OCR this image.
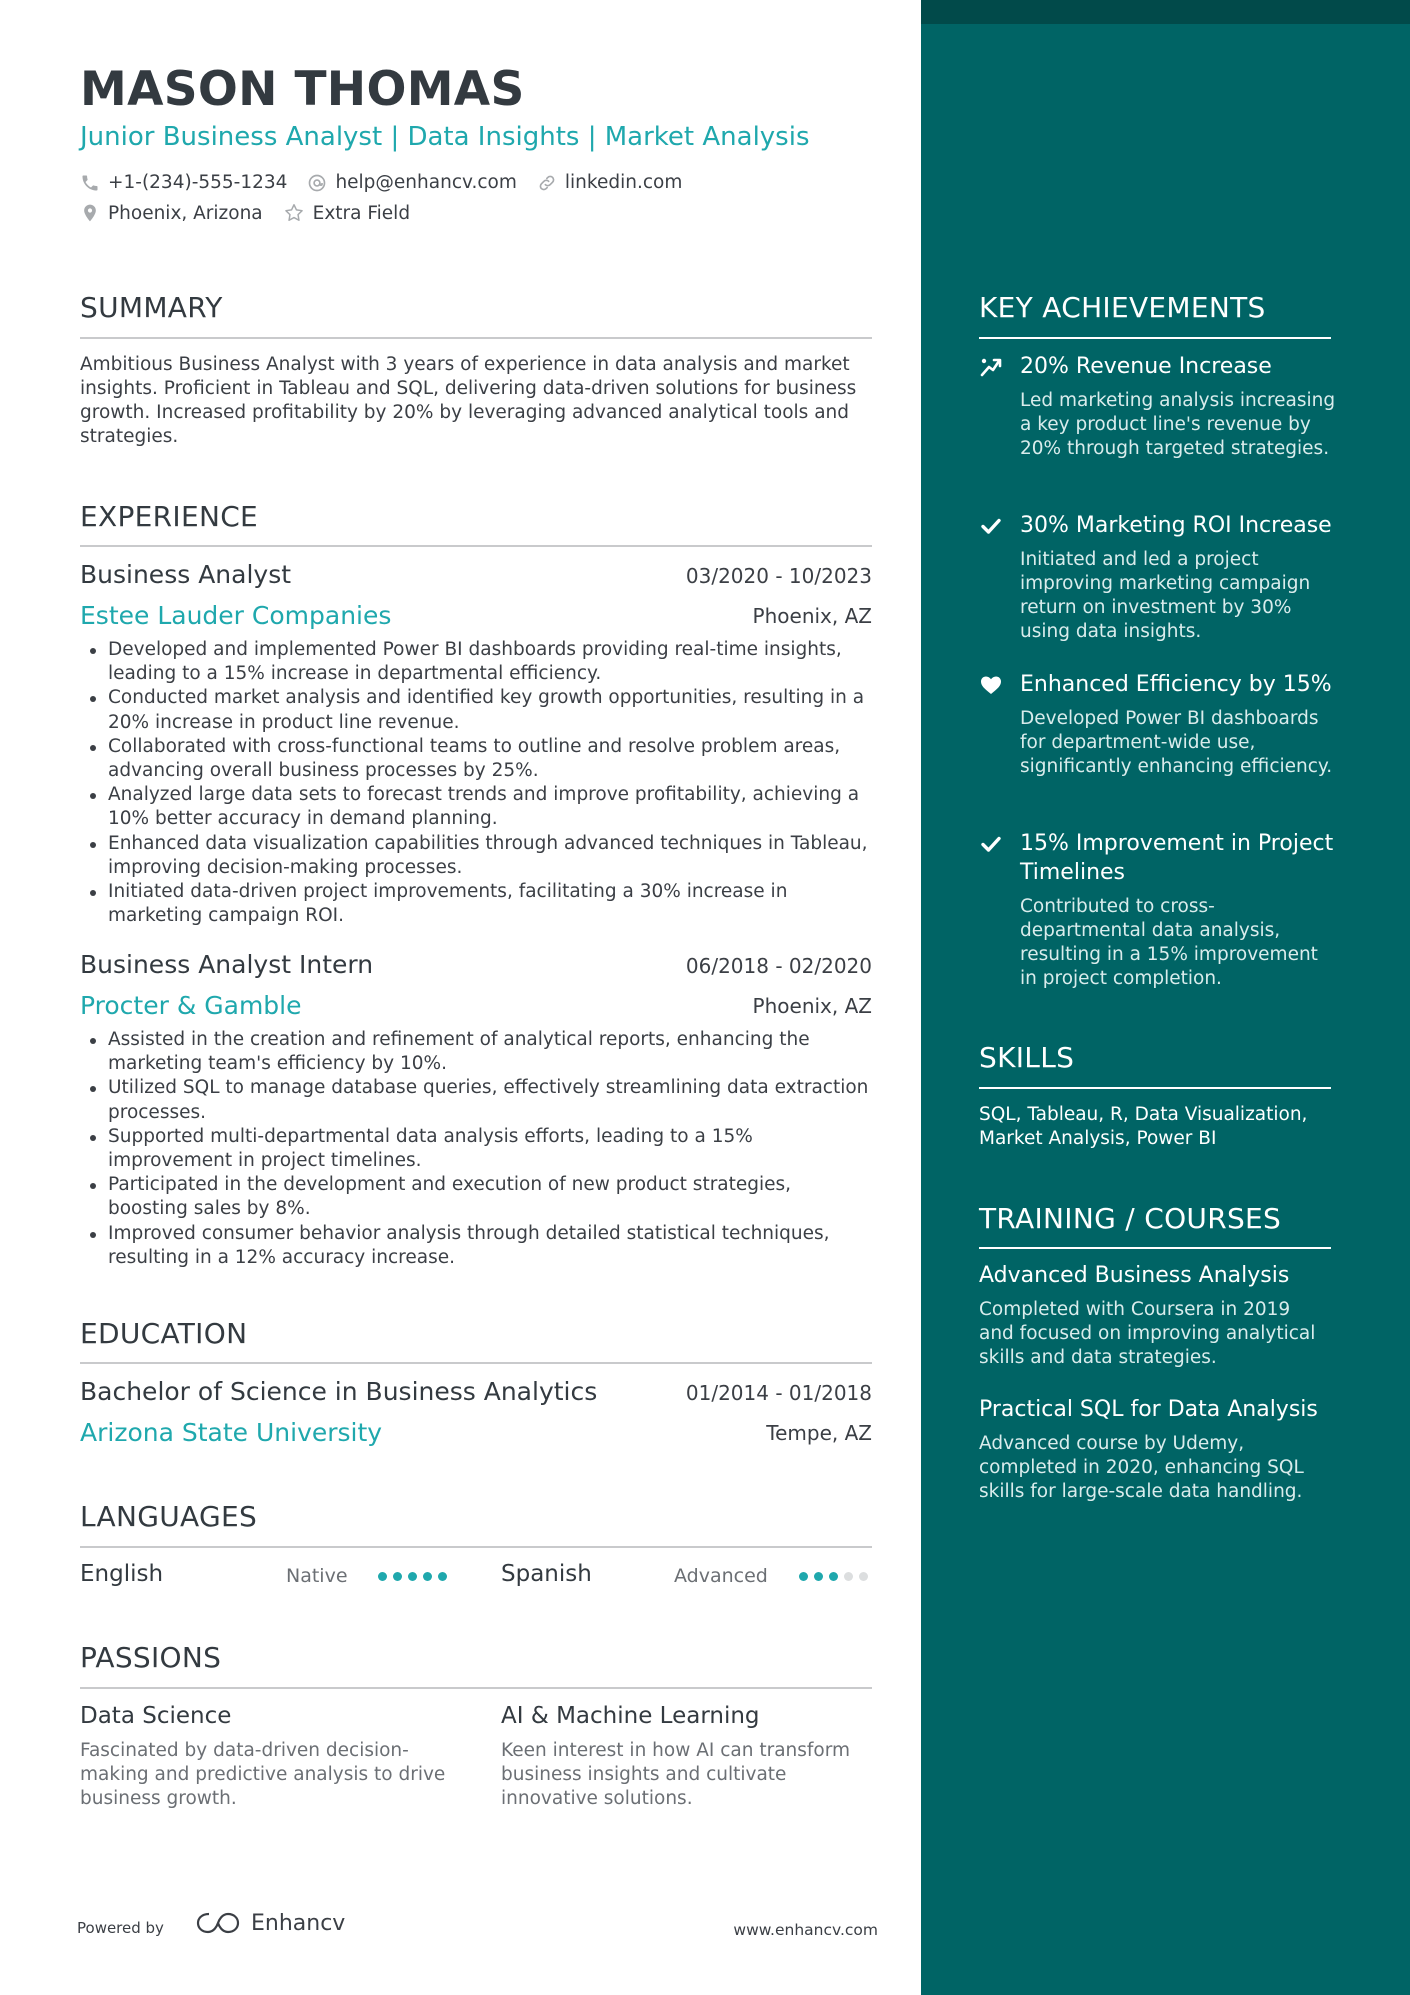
MASON THOMAS
Junior Business Analyst | Data Insights | Market Analysis
+1-(234)-555-1234	help@enhancv.com	linkedin.com
Phoenix, Arizona	Extra Field
SUMMARY
Ambitious Business Analyst with 3 years of experience in data analysis and market insights. Proficient in Tableau and SQL, delivering data-driven solutions for business growth. Increased profitability by 20% by leveraging advanced analytical tools and strategies.
EXPERIENCE
Business Analyst	03/2020 - 10/2023
Estee Lauder Companies	Phoenix, AZ
Developed and implemented Power BI dashboards providing real-time insights, leading to a 15% increase in departmental efficiency.
Conducted market analysis and identified key growth opportunities, resulting in a 20% increase in product line revenue.
Collaborated with cross-functional teams to outline and resolve problem areas, advancing overall business processes by 25%.
Analyzed large data sets to forecast trends and improve profitability, achieving a 10% better accuracy in demand planning.
Enhanced data visualization capabilities through advanced techniques in Tableau, improving decision-making processes.
Initiated data-driven project improvements, facilitating a 30% increase in marketing campaign ROI.
Business Analyst Intern	06/2018 - 02/2020
Procter & Gamble	Phoenix, AZ
Assisted in the creation and refinement of analytical reports, enhancing the marketing team's efficiency by 10%.
Utilized SQL to manage database queries, effectively streamlining data extraction processes.
Supported multi-departmental data analysis efforts, leading to a 15% improvement in project timelines.
Participated in the development and execution of new product strategies, boosting sales by 8%.
Improved consumer behavior analysis through detailed statistical techniques, resulting in a 12% accuracy increase.
EDUCATION
Bachelor of Science in Business Analytics	01/2014 - 01/2018
Arizona State University	Tempe, AZ
LANGUAGES
English	Native	Spanish	Advanced
PASSIONS
Data Science
Fascinated by data-driven decision-making and predictive analysis to drive business growth.
AI & Machine Learning
Keen interest in how AI can transform business insights and cultivate innovative solutions.
Powered by	Enhancv	www.enhancv.com
KEY ACHIEVEMENTS
20% Revenue Increase
Led marketing analysis increasing a key product line's revenue by 20% through targeted strategies.
30% Marketing ROI Increase
Initiated and led a project improving marketing campaign return on investment by 30% using data insights.
Enhanced Efficiency by 15%
Developed Power BI dashboards for department-wide use, significantly enhancing efficiency.
15% Improvement in Project Timelines
Contributed to cross-departmental data analysis, resulting in a 15% improvement in project completion.
SKILLS
SQL, Tableau, R, Data Visualization, Market Analysis, Power BI
TRAINING / COURSES
Advanced Business Analysis
Completed with Coursera in 2019 and focused on improving analytical skills and data strategies.
Practical SQL for Data Analysis
Advanced course by Udemy, completed in 2020, enhancing SQL skills for large-scale data handling.
